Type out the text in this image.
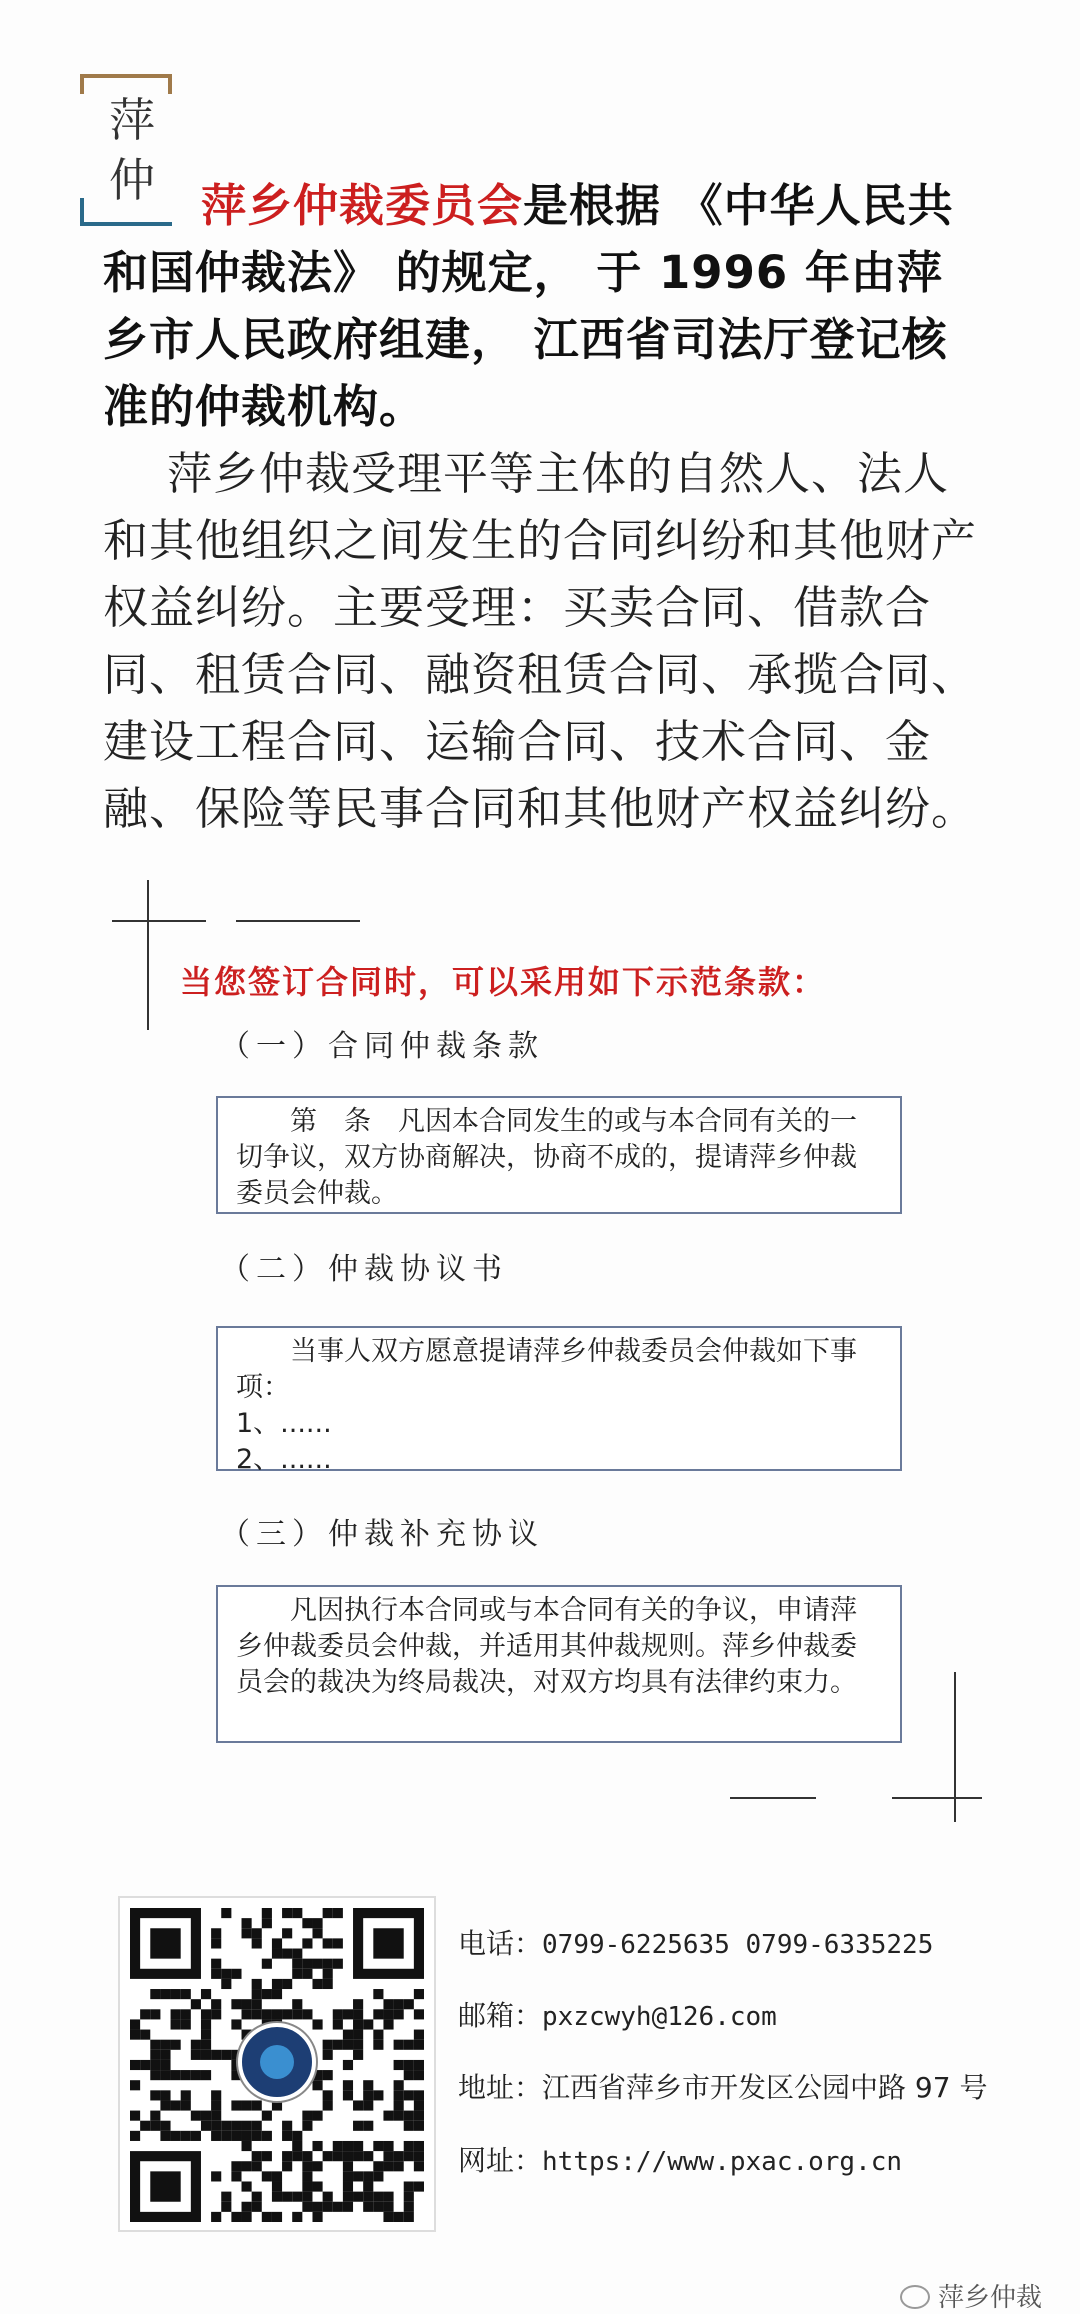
萍
仲	萍乡仲裁委员会是根据 《中华人民共和国仲裁法》 的规定， 于 1996 年由萍乡市人民政府组建， 江西省司法厅登记核准的仲裁机构。
萍乡仲裁受理平等主体的自然人、法人和其他组织之间发生的合同纠纷和其他财产权益纠纷。主要受理：买卖合同、借款合同、租赁合同、融资租赁合同、承揽合同、建设工程合同、运输合同、技术合同、金融、保险等民事合同和其他财产权益纠纷。
当您签订合同时，可以采用如下示范条款：
（一）合同仲裁条款
第　条　凡因本合同发生的或与本合同有关的一切争议，双方协商解决，协商不成的，提请萍乡仲裁委员会仲裁。
（二）仲裁协议书
当事人双方愿意提请萍乡仲裁委员会仲裁如下事项：
1、......
2、......
（三）仲裁补充协议
凡因执行本合同或与本合同有关的争议，申请萍乡仲裁委员会仲裁，并适用其仲裁规则。萍乡仲裁委员会的裁决为终局裁决，对双方均具有法律约束力。
电话：0799-6225635 0799-6335225
邮箱：pxzcwyh@126.com
地址：江西省萍乡市开发区公园中路 97 号
网址：https://www.pxac.org.cn
萍乡仲裁
